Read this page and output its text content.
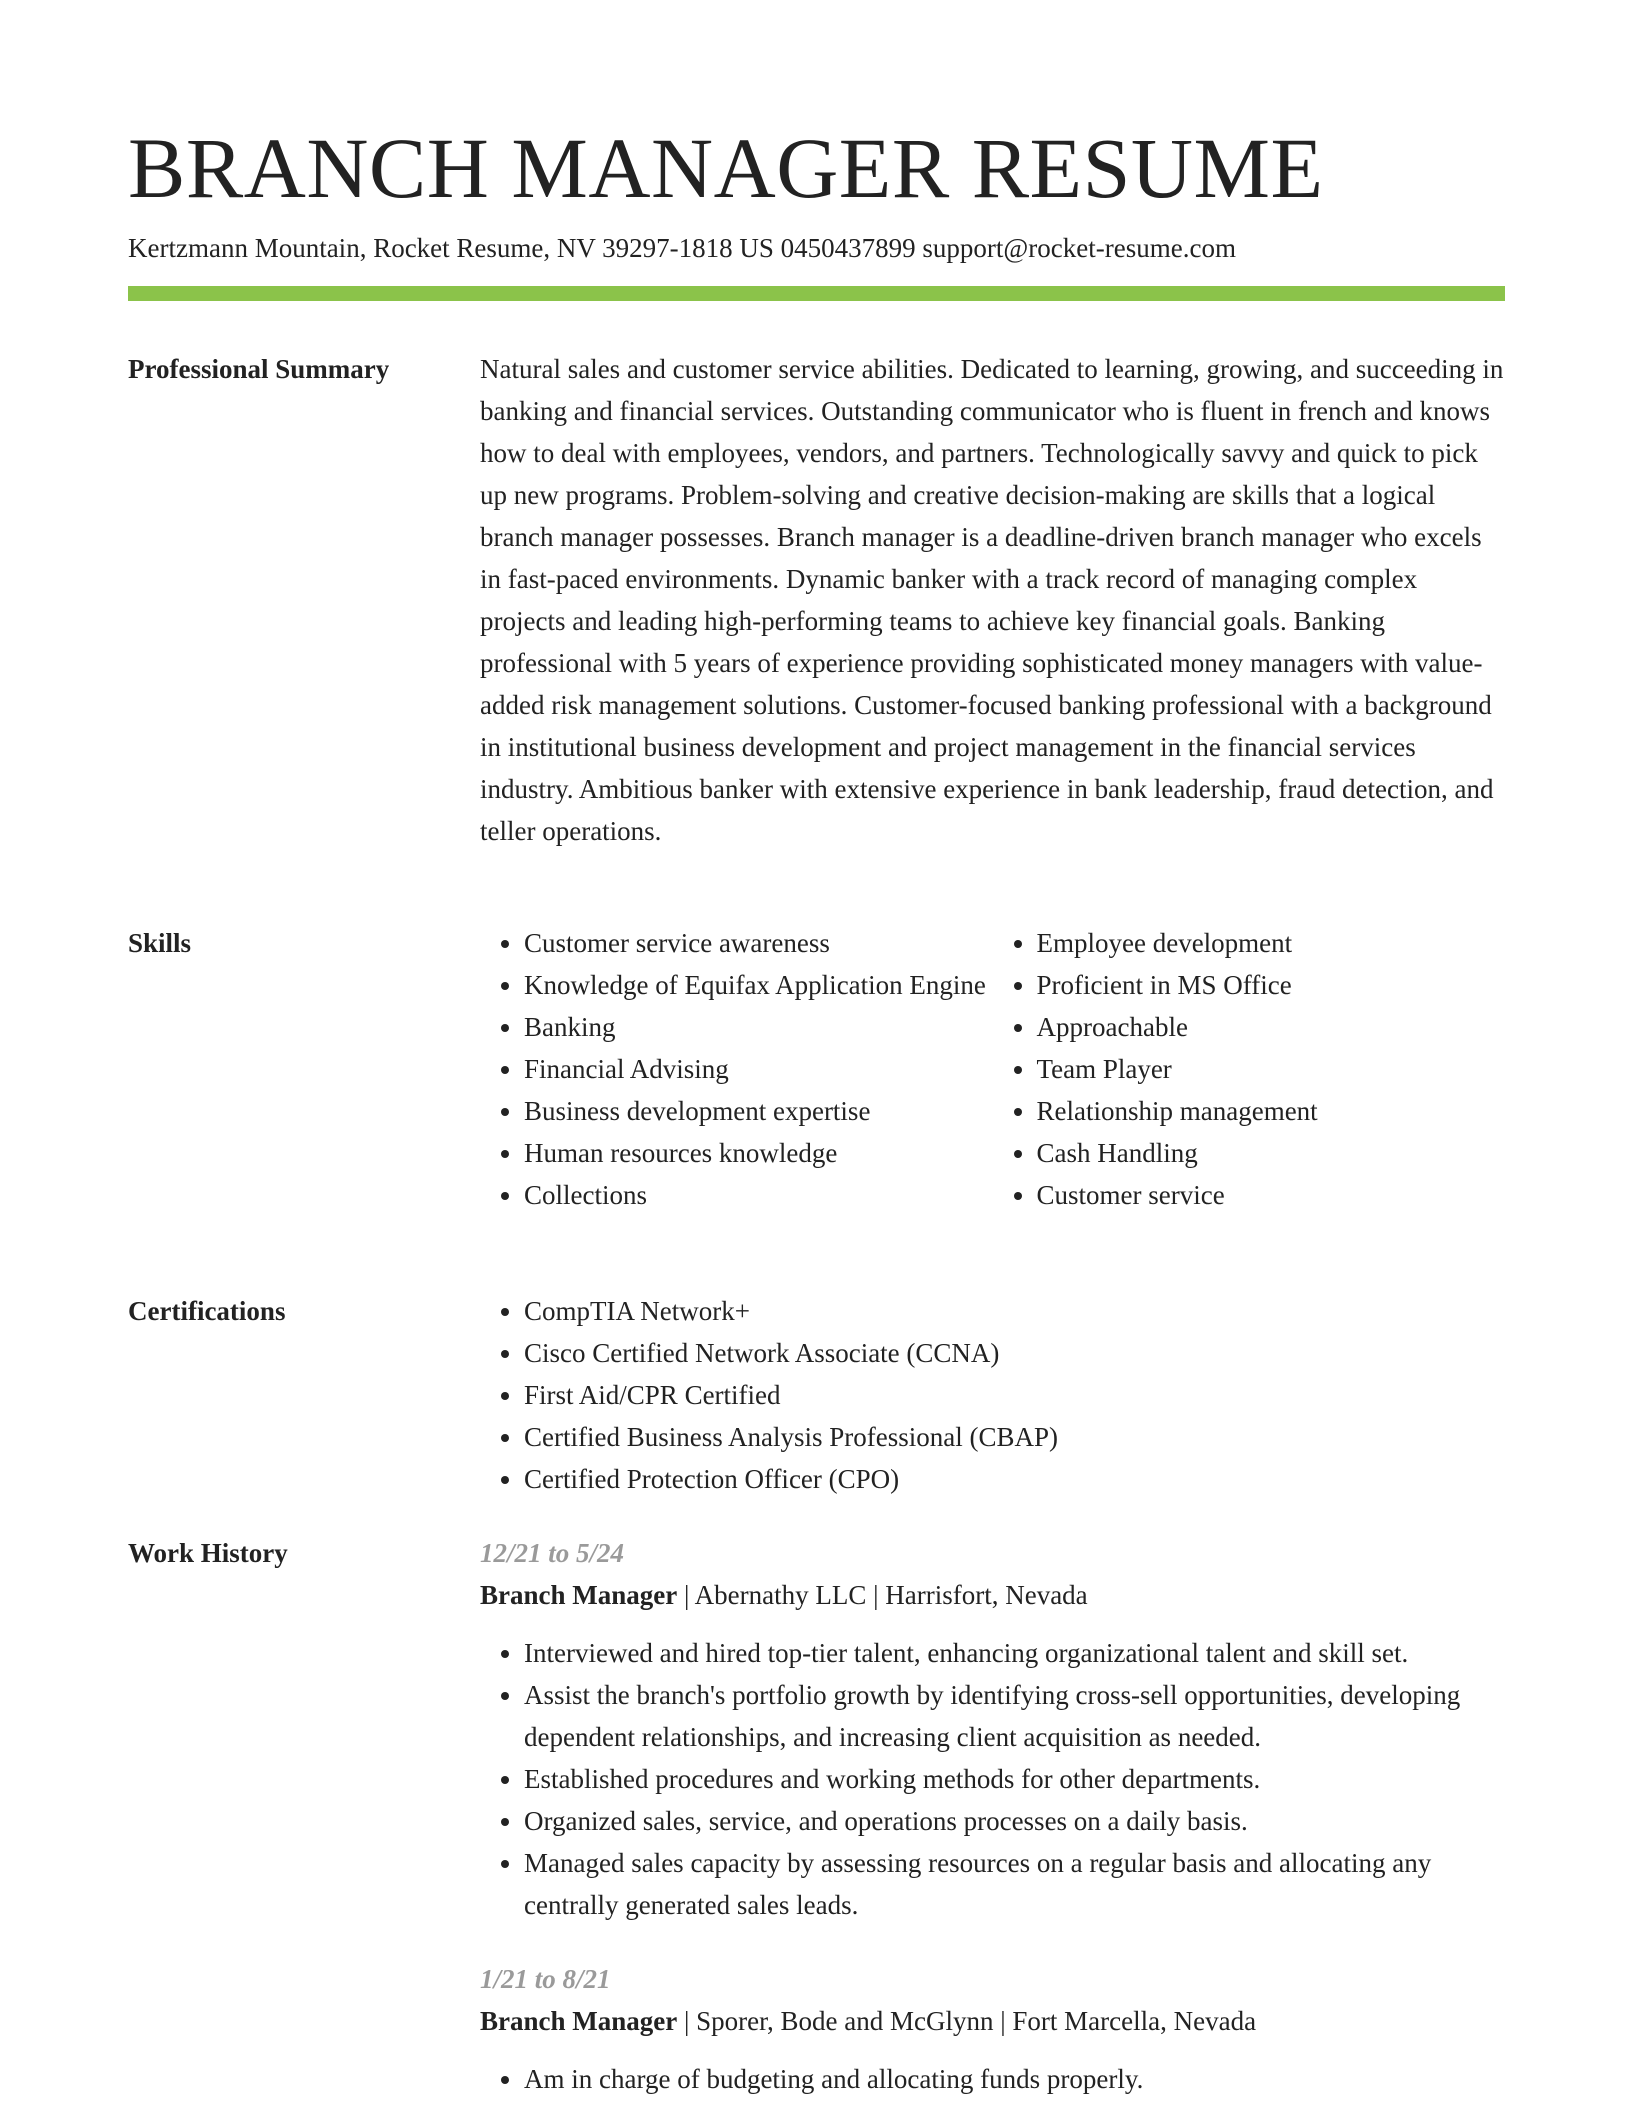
BRANCH MANAGER RESUME
Kertzmann Mountain, Rocket Resume, NV 39297-1818 US 0450437899 support@rocket-resume.com
Professional Summary	Natural sales and customer service abilities. Dedicated to learning, growing, and succeeding in banking and financial services. Outstanding communicator who is fluent in french and knows how to deal with employees, vendors, and partners. Technologically savvy and quick to pick up new programs. Problem-solving and creative decision-making are skills that a logical branch manager possesses. Branch manager is a deadline-driven branch manager who excels in fast-paced environments. Dynamic banker with a track record of managing complex projects and leading high-performing teams to achieve key financial goals. Banking professional with 5 years of experience providing sophisticated money managers with value-added risk management solutions. Customer-focused banking professional with a background in institutional business development and project management in the financial services industry. Ambitious banker with extensive experience in bank leadership, fraud detection, and teller operations.

Skills	• Customer service awareness
• Knowledge of Equifax Application Engine
• Banking
• Financial Advising
• Business development expertise
• Human resources knowledge
• Collections
• Employee development
• Proficient in MS Office
• Approachable
• Team Player
• Relationship management
• Cash Handling
• Customer service
Certifications	• CompTIA Network+
• Cisco Certified Network Associate (CCNA)
• First Aid/CPR Certified
• Certified Business Analysis Professional (CBAP)
• Certified Protection Officer (CPO)
Work History	12/21 to 5/24
Branch Manager | Abernathy LLC | Harrisfort, Nevada
• Interviewed and hired top-tier talent, enhancing organizational talent and skill set.
• Assist the branch's portfolio growth by identifying cross-sell opportunities, developing dependent relationships, and increasing client acquisition as needed.
• Established procedures and working methods for other departments.
• Organized sales, service, and operations processes on a daily basis.
• Managed sales capacity by assessing resources on a regular basis and allocating any centrally generated sales leads.
1/21 to 8/21
Branch Manager | Sporer, Bode and McGlynn | Fort Marcella, Nevada
• Am in charge of budgeting and allocating funds properly.
